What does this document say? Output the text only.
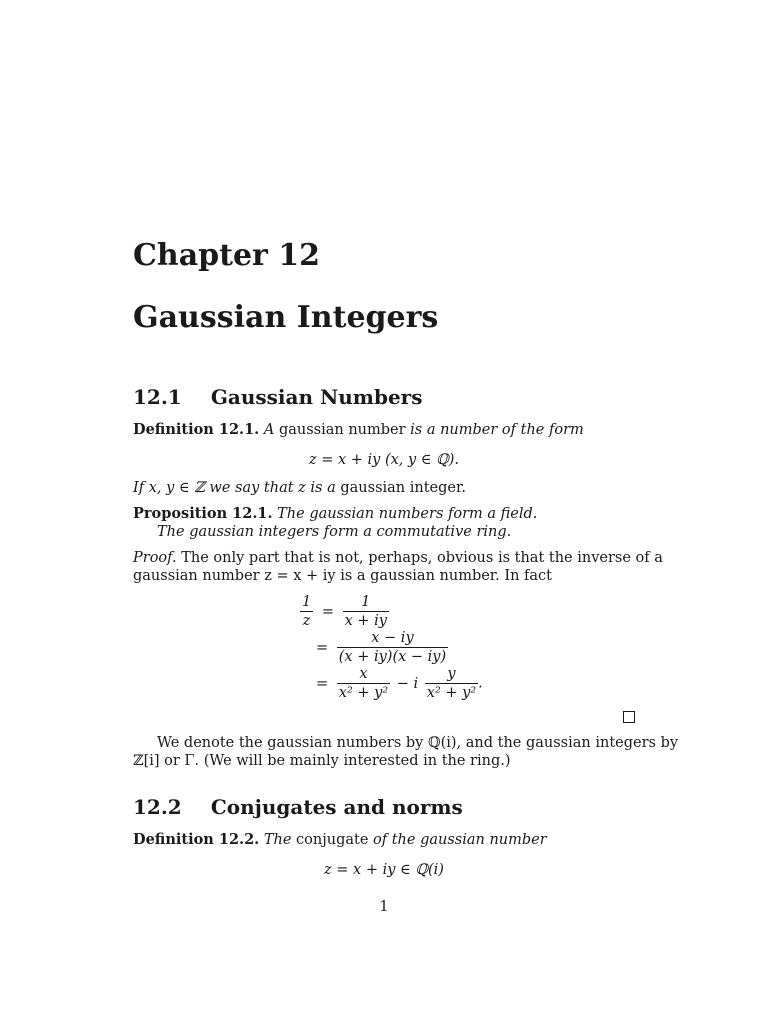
Chapter 12
Gaussian Integers
12.1 Gaussian Numbers
Definition 12.1. A gaussian number is a number of the form
z = x + iy (x, y ∈ ℚ).
If x, y ∈ ℤ we say that z is a gaussian integer.
Proposition 12.1. The gaussian numbers form a field.
The gaussian integers form a commutative ring.
Proof. The only part that is not, perhaps, obvious is that the inverse of a
gaussian number z = x + iy is a gaussian number. In fact
$\frac{1}{z} = \frac{1}{x + iy}$
= $\frac{x - iy}{(x + iy)(x - iy)}$
= $\frac{x}{\text{x² + y²}} - i \frac{y}{\text{x² + y²}}$ .
We denote the gaussian numbers by ℚ(i), and the gaussian integers by
ℤ[i] or Γ. (We will be mainly interested in the ring.)
12.2 Conjugates and norms
Definition 12.2. The conjugate of the gaussian number
z = x + iy ∈ ℚ(i)
1
